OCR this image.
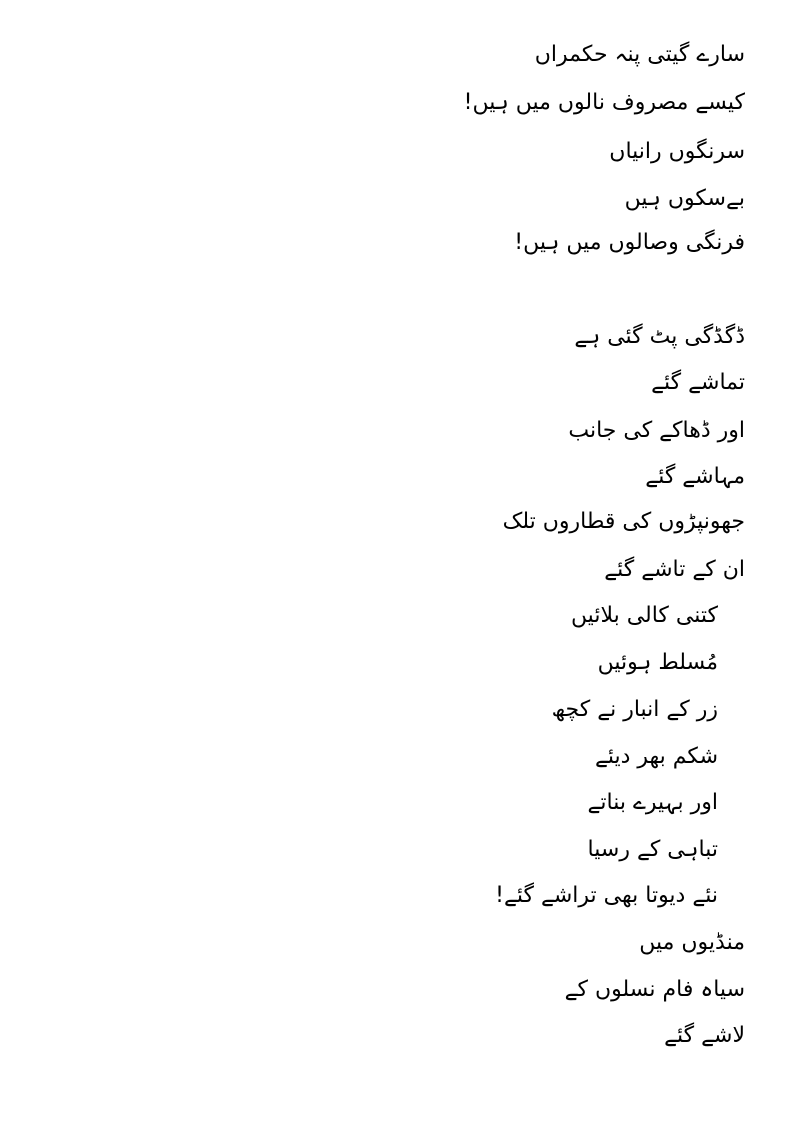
سارے گیتی پنہ حکمراں
کیسے مصروف نالوں میں ہیں!
سرنگوں رانیاں
بےسکوں ہیں
فرنگی وصالوں میں ہیں!
ڈگڈگی پٹ گئی ہے
تماشے گئے
اور ڈھاکے کی جانب
مہاشے گئے
جھونپڑوں کی قطاروں تلک
ان کے تاشے گئے
کتنی کالی بلائیں
مُسلط ہوئیں
زر کے انبار نے کچھ
شکم بھر دیئے
اور بہیرے بناتے
تباہی کے رسیا
نئے دیوتا بھی تراشے گئے!
منڈیوں میں
سیاہ فام نسلوں کے
لاشے گئے
